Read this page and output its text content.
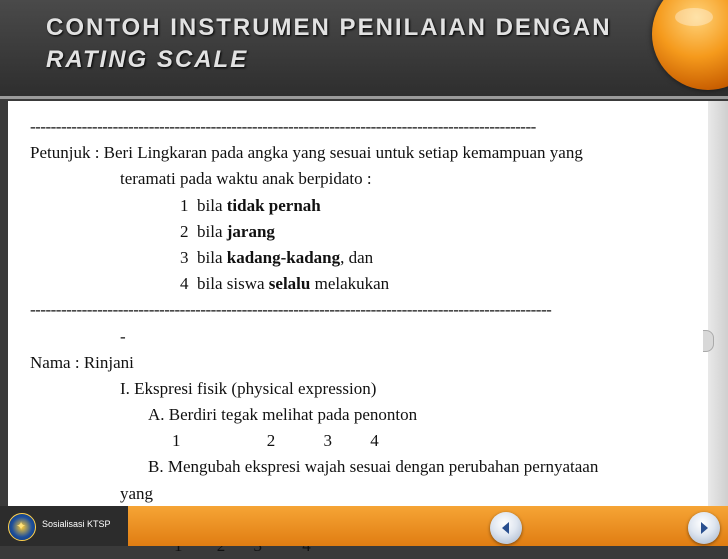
CONTOH INSTRUMEN PENILAIAN DENGAN
RATING SCALE
--------------------------------------------------------------------------------------------------
Petunjuk : Beri Lingkaran pada angka yang sesuai untuk setiap kemampuan yang
teramati pada waktu anak berpidato :
1 bila tidak pernah
2 bila jarang
3 bila kadang-kadang, dan
4 bila siswa selalu melakukan
-----------------------------------------------------------------------------------------------------
-
Nama : Rinjani
I. Ekspresi fisik (physical expression)
A. Berdiri tegak melihat pada penonton
1	2	3 4
B. Mengubah ekspresi wajah sesuai dengan perubahan pernyataan
yang

✦ Sosialisasi KTSP
